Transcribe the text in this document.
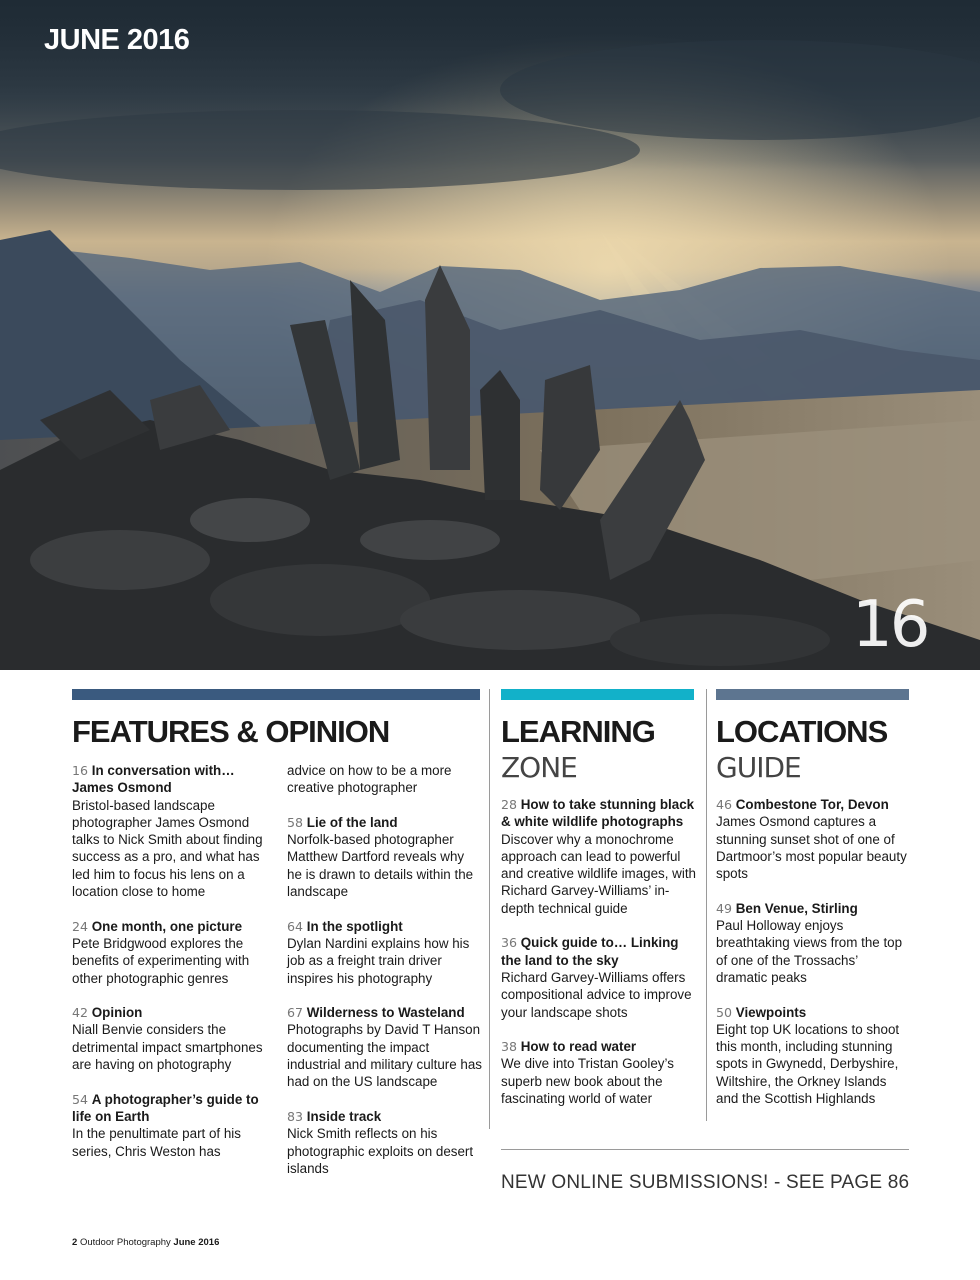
JUNE 2016
16
FEATURES & OPINION
16 In conversation with… James Osmond
Bristol-based landscape photographer James Osmond talks to Nick Smith about finding success as a pro, and what has led him to focus his lens on a location close to home
24 One month, one picture
Pete Bridgwood explores the benefits of experimenting with other photographic genres
42 Opinion
Niall Benvie considers the detrimental impact smartphones are having on photography
54 A photographer’s guide to life on Earth
In the penultimate part of his series, Chris Weston has
advice on how to be a more creative photographer
58 Lie of the land
Norfolk-based photographer Matthew Dartford reveals why he is drawn to details within the landscape
64 In the spotlight
Dylan Nardini explains how his job as a freight train driver inspires his photography
67 Wilderness to Wasteland
Photographs by David T Hanson documenting the impact industrial and military culture has had on the US landscape
83 Inside track
Nick Smith reflects on his photographic exploits on desert islands
LEARNING
ZONE
28 How to take stunning black & white wildlife photographs
Discover why a monochrome approach can lead to powerful and creative wildlife images, with Richard Garvey-Williams’ in-depth technical guide
36 Quick guide to… Linking the land to the sky
Richard Garvey-Williams offers compositional advice to improve your landscape shots
38 How to read water
We dive into Tristan Gooley’s superb new book about the fascinating world of water
LOCATIONS
GUIDE
46 Combestone Tor, Devon
James Osmond captures a stunning sunset shot of one of Dartmoor’s most popular beauty spots
49 Ben Venue, Stirling
Paul Holloway enjoys breathtaking views from the top of one of the Trossachs’ dramatic peaks
50 Viewpoints
Eight top UK locations to shoot this month, including stunning spots in Gwynedd, Derbyshire, Wiltshire, the Orkney Islands and the Scottish Highlands
NEW ONLINE SUBMISSIONS! - SEE PAGE 86
2 Outdoor Photography June 2016
